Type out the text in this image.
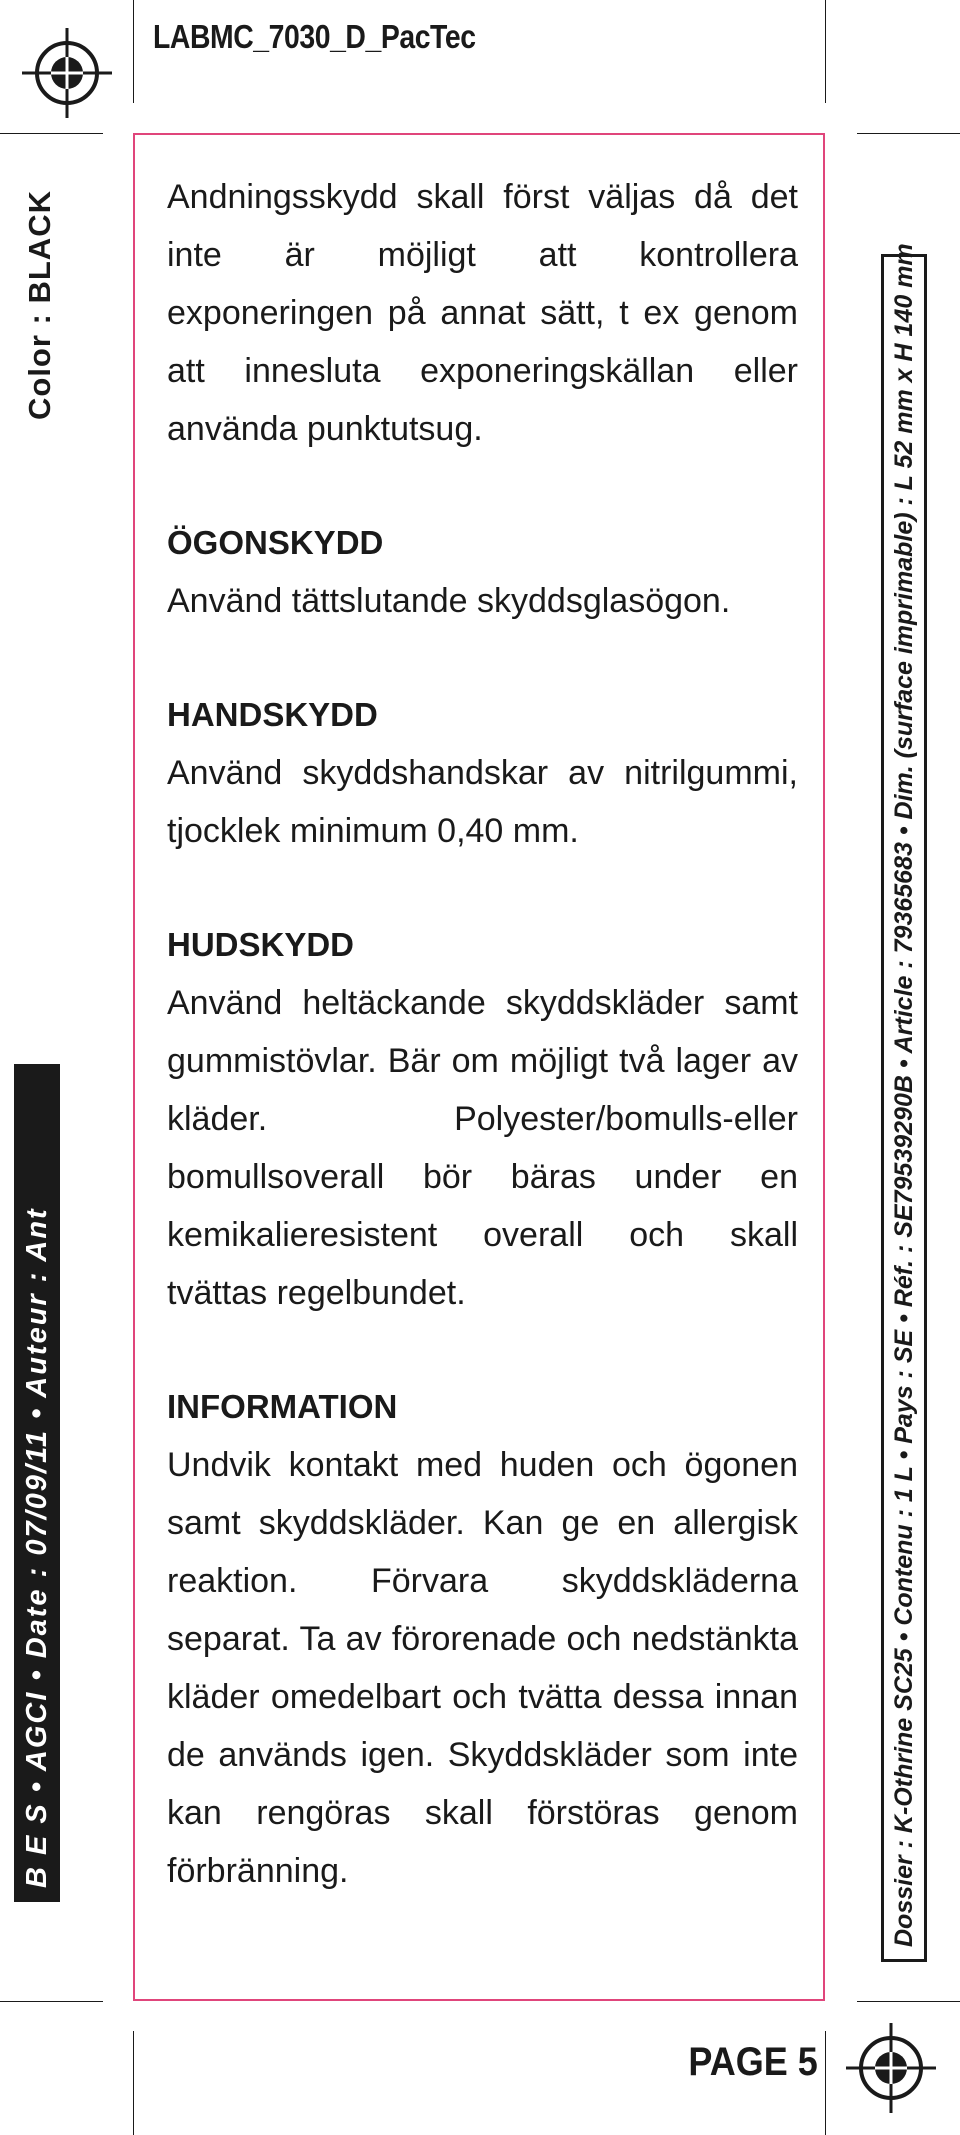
LABMC_7030_D_PacTec
Color : BLACK
B E S • AGCI • Date : 07/09/11 • Auteur : Ant	Dossier : K-Othrine SC25 • Contenu : 1 L • Pays : SE • Réf. : SE79539290B • Article : 79365683 • Dim. (surface imprimable) : L 52 mm x H 140 mm

Andningsskydd skall först väljas då det inte är möjligt att kontrollera exponeringen på annat sätt, t ex genom att innesluta exponeringskällan eller använda punktutsug.

ÖGONSKYDD

Använd tättslutande skyddsglasögon.

HANDSKYDD

Använd skyddshandskar av nitrilgummi, tjocklek minimum 0,40 mm.

HUDSKYDD

Använd heltäckande skyddskläder samt gummistövlar. Bär om möjligt två lager av kläder. Polyester/bomulls-eller bomullsoverall bör bäras under en kemikalieresistent overall och skall tvättas regelbundet.

INFORMATION

Undvik kontakt med huden och ögonen samt skyddskläder. Kan ge en allergisk reaktion. Förvara skyddskläderna separat. Ta av förorenade och nedstänkta kläder omedelbart och tvätta dessa innan de används igen. Skyddskläder som inte kan rengöras skall förstöras genom förbränning.

PAGE 5
